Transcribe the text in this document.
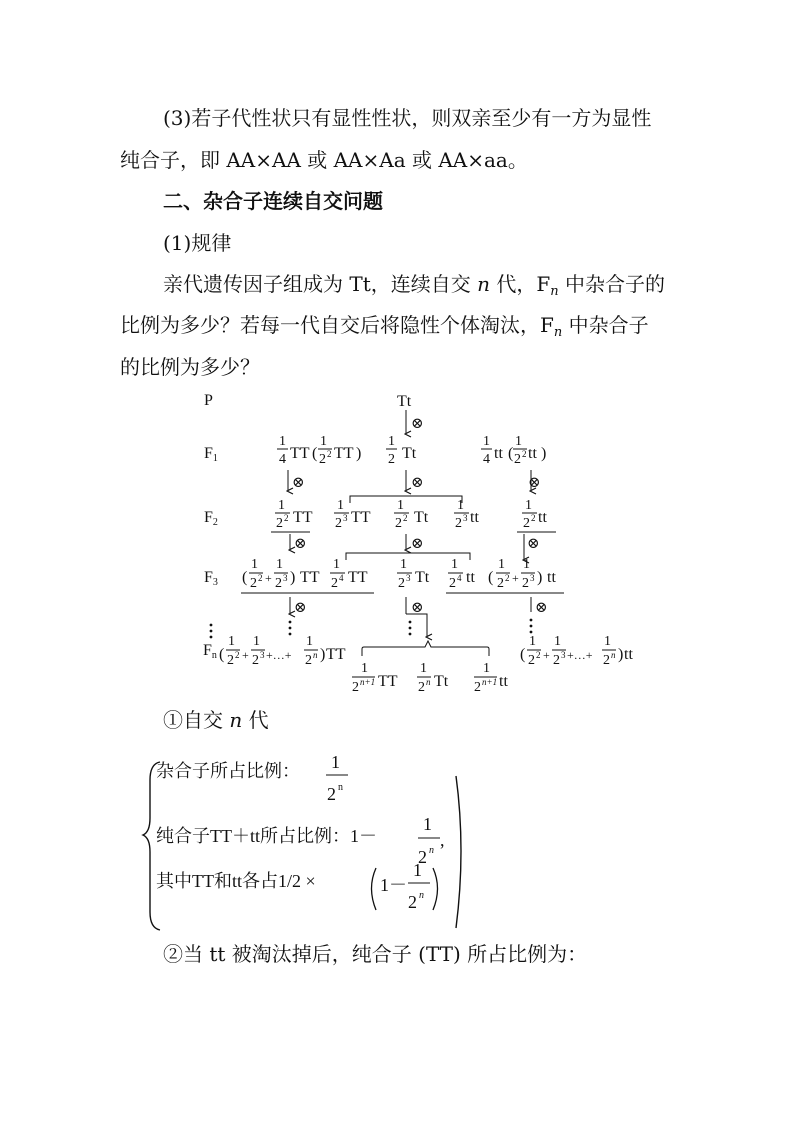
(3)若子代性状只有显性性状，则双亲至少有一方为显性
纯合子，即 AA×AA 或 AA×Aa 或 AA×aa。
二、杂合子连续自交问题
(1)规律
亲代遗传因子组成为 Tt，连续自交 n 代，$F_n$ 中杂合子的
比例为多少？若每一代自交后将隐性个体淘汰，$F_n$ 中杂合子
的比例为多少？
P
F1
F2
F3
Fn
Tt
⊗
1
4 TT (
1
2 2 TT )
1
2 Tt
1
4 tt (
1
2 2 tt )
⊗	⊗	⊗
1
2 2 TT
1
2 3 TT
1
2 2 Tt
1
2 3 tt
1
2 2 tt
⊗	⊗	⊗
(
1
2 2 +
1
2 3 ) TT
1
2 4 TT
1
2 3 Tt
1
2 4 tt (
1
2 2 +
1
2 3 ) tt
⊗	⊗	⊗
(
1
2 2 +
1
2 3 +…+
1
2 n ) TT	(
1
2 2 +
1
2 3 +…+
1
2 n ) tt
1
2 n+1 TT
1
2 n Tt
1
2 n+1 tt
①自交 n 代
杂合子所占比例： 1
2 n
纯合子TT＋tt所占比例：1－
1
2 n
,
其中TT和tt各占1/2 ×	1－
1
2 n
②当 tt 被淘汰掉后，纯合子 (TT) 所占比例为：
